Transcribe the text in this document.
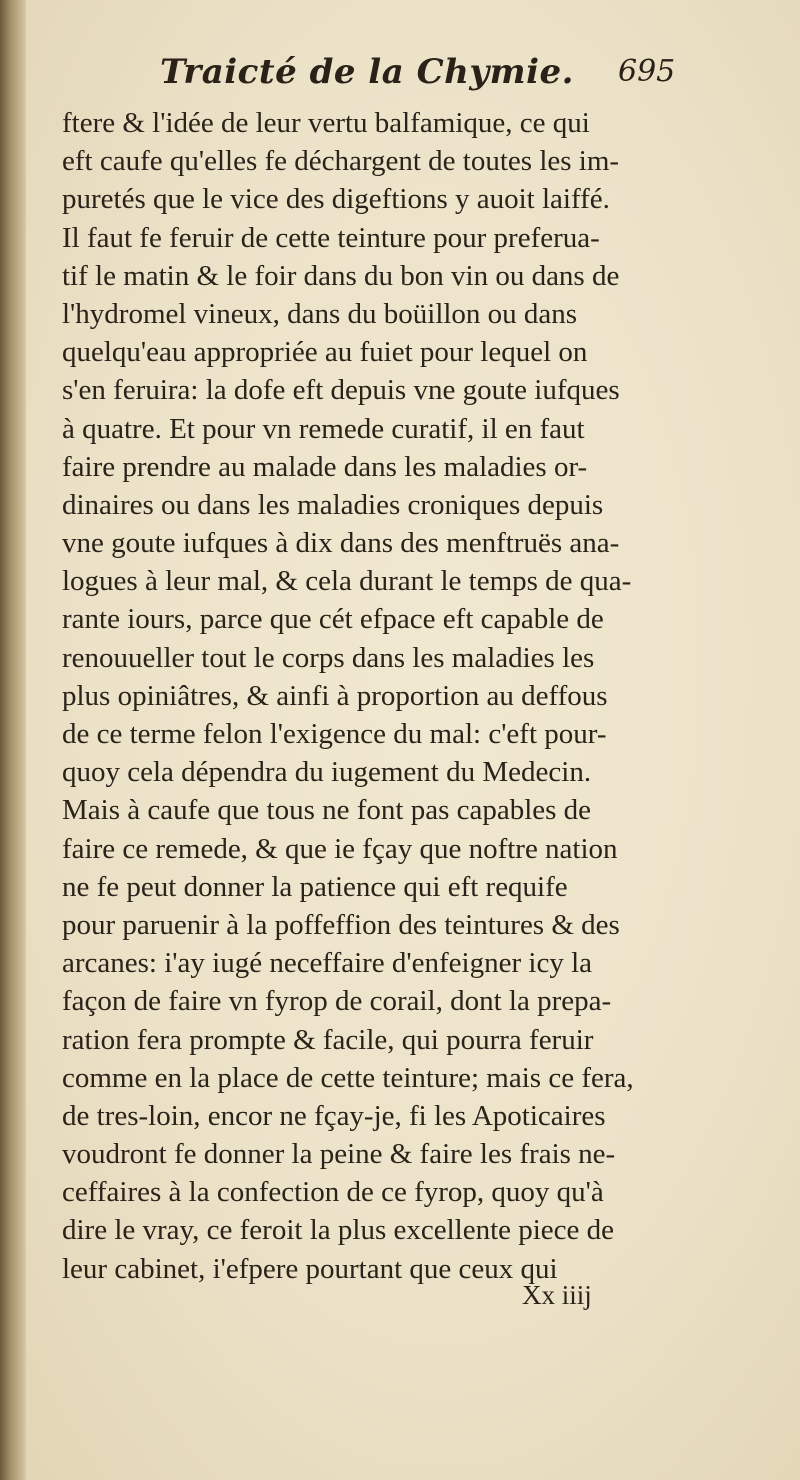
Traicté de la Chymie. 695
ftere & l'idée de leur vertu balfamique, ce qui
eft caufe qu'elles fe déchargent de toutes les im-
puretés que le vice des digeftions y auoit laiffé.
Il faut fe feruir de cette teinture pour preferua-
tif le matin & le foir dans du bon vin ou dans de
l'hydromel vineux, dans du boüillon ou dans
quelqu'eau appropriée au fuiet pour lequel on
s'en feruira: la dofe eft depuis vne goute iufques
à quatre. Et pour vn remede curatif, il en faut
faire prendre au malade dans les maladies or-
dinaires ou dans les maladies croniques depuis
vne goute iufques à dix dans des menftruës ana-
logues à leur mal, & cela durant le temps de qua-
rante iours, parce que cét efpace eft capable de
renouueller tout le corps dans les maladies les
plus opiniâtres, & ainfi à proportion au deffous
de ce terme felon l'exigence du mal: c'eft pour-
quoy cela dépendra du iugement du Medecin.
Mais à caufe que tous ne font pas capables de
faire ce remede, & que ie fçay que noftre nation
ne fe peut donner la patience qui eft requife
pour paruenir à la poffeffion des teintures & des
arcanes: i'ay iugé neceffaire d'enfeigner icy la
façon de faire vn fyrop de corail, dont la prepa-
ration fera prompte & facile, qui pourra feruir
comme en la place de cette teinture; mais ce fera,
de tres-loin, encor ne fçay-je, fi les Apoticaires
voudront fe donner la peine & faire les frais ne-
ceffaires à la confection de ce fyrop, quoy qu'à
dire le vray, ce feroit la plus excellente piece de
leur cabinet, i'efpere pourtant que ceux qui
Xx iiij
